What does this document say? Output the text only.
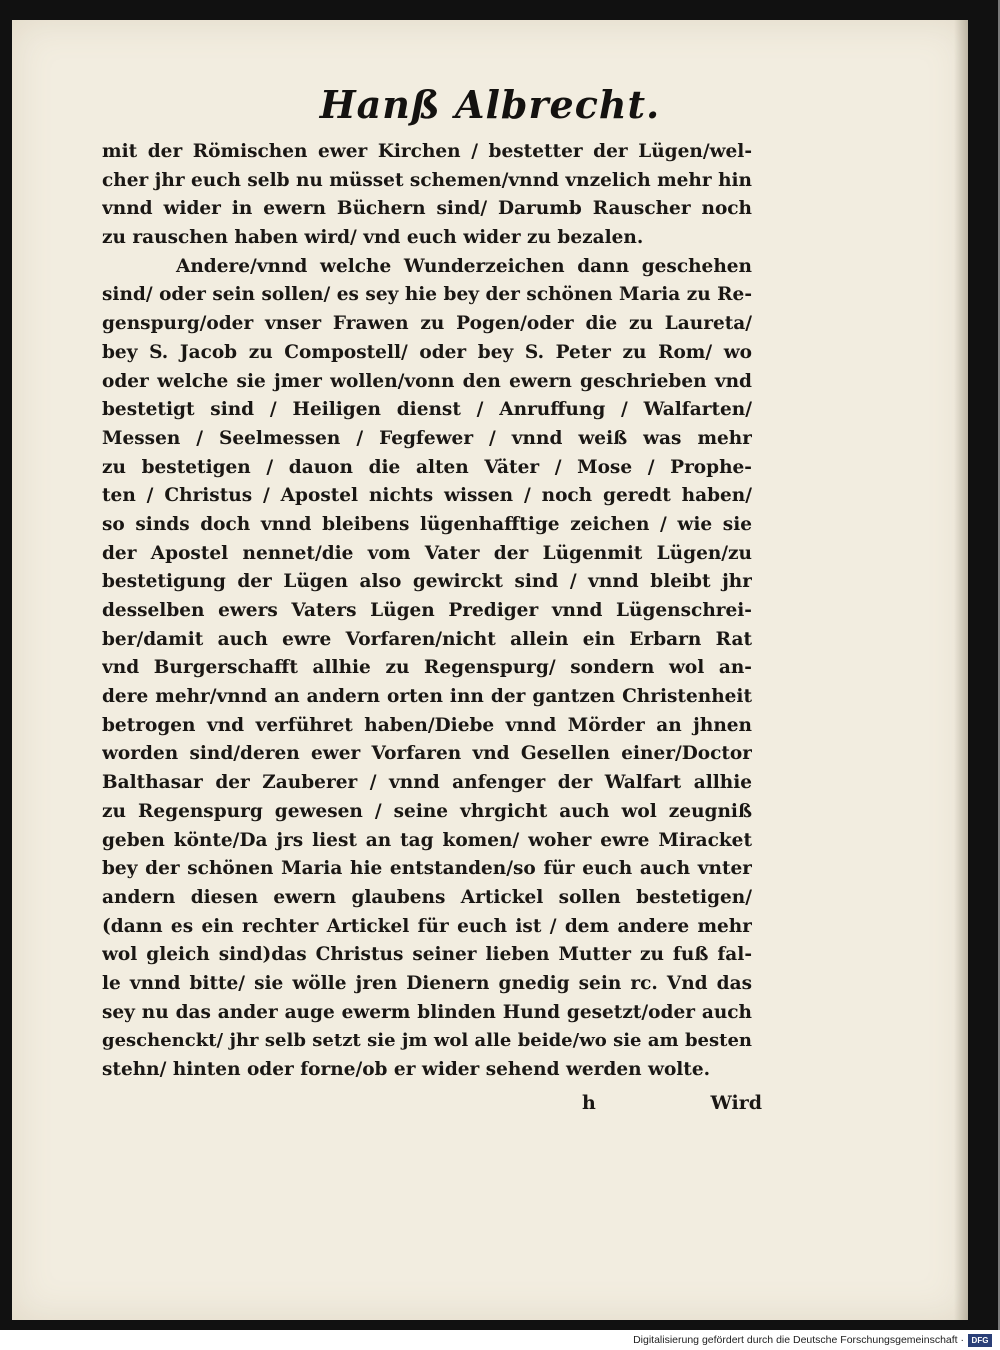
Hanß Albrecht.
mit der Römischen ewer Kirchen / bestetter der Lügen/wel-
cher jhr euch selb nu müsset schemen/vnnd vnzelich mehr hin
vnnd wider in ewern Büchern sind/ Darumb Rauscher noch
zu rauschen haben wird/ vnd euch wider zu bezalen.
Andere/vnnd welche Wunderzeichen dann geschehen
sind/ oder sein sollen/ es sey hie bey der schönen Maria zu Re-
genspurg/oder vnser Frawen zu Pogen/oder die zu Laureta/
bey S. Jacob zu Compostell/ oder bey S. Peter zu Rom/ wo
oder welche sie jmer wollen/vonn den ewern geschrieben vnd
bestetigt sind / Heiligen dienst / Anruffung / Walfarten/
Messen / Seelmessen / Fegfewer / vnnd weiß was mehr
zu bestetigen / dauon die alten Väter / Mose / Prophe-
ten / Christus / Apostel nichts wissen / noch geredt haben/
so sinds doch vnnd bleibens lügenhafftige zeichen / wie sie
der Apostel nennet/die vom Vater der Lügenmit Lügen/zu
bestetigung der Lügen also gewirckt sind / vnnd bleibt jhr
desselben ewers Vaters Lügen Prediger vnnd Lügenschrei-
ber/damit auch ewre Vorfaren/nicht allein ein Erbarn Rat
vnd Burgerschafft allhie zu Regenspurg/ sondern wol an-
dere mehr/vnnd an andern orten inn der gantzen Christenheit
betrogen vnd verführet haben/Diebe vnnd Mörder an jhnen
worden sind/deren ewer Vorfaren vnd Gesellen einer/Doctor
Balthasar der Zauberer / vnnd anfenger der Walfart allhie
zu Regenspurg gewesen / seine vhrgicht auch wol zeugniß
geben könte/Da jrs liest an tag komen/ woher ewre Miracket
bey der schönen Maria hie entstanden/so für euch auch vnter
andern diesen ewern glaubens Artickel sollen bestetigen/
(dann es ein rechter Artickel für euch ist / dem andere mehr
wol gleich sind)das Christus seiner lieben Mutter zu fuß fal-
le vnnd bitte/ sie wölle jren Dienern gnedig sein rc. Vnd das
sey nu das ander auge ewerm blinden Hund gesetzt/oder auch
geschenckt/ jhr selb setzt sie jm wol alle beide/wo sie am besten
stehn/ hinten oder forne/ob er wider sehend werden wolte.
h	Wird
Digitalisierung gefördert durch die Deutsche Forschungsgemeinschaft · DFG
